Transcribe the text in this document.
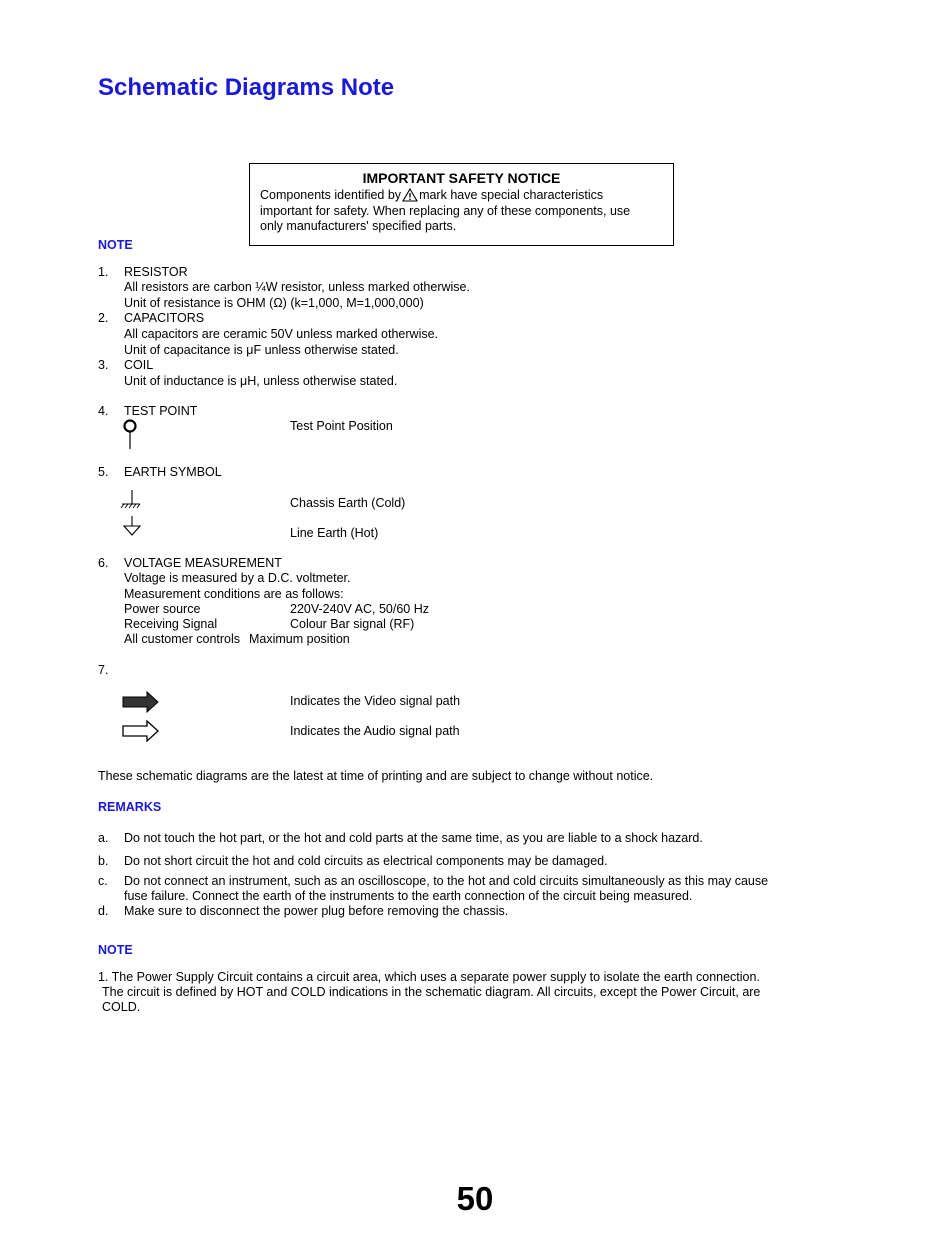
Schematic Diagrams Note
IMPORTANT SAFETY NOTICE
Components identified by mark have special characteristics
important for safety. When replacing any of these components, use
only manufacturers' specified parts.
NOTE
1. RESISTOR
All resistors are carbon ¼W resistor, unless marked otherwise.
Unit of resistance is OHM (Ω) (k=1,000, M=1,000,000)
2. CAPACITORS
All capacitors are ceramic 50V unless marked otherwise.
Unit of capacitance is μF unless otherwise stated.
3. COIL
Unit of inductance is μH, unless otherwise stated.
4. TEST POINT
Test Point Position
5. EARTH SYMBOL
Chassis Earth (Cold)
Line Earth (Hot)
6. VOLTAGE MEASUREMENT
Voltage is measured by a D.C. voltmeter.
Measurement conditions are as follows:
Power source	220V-240V AC, 50/60 Hz
Receiving Signal	Colour Bar signal (RF)
All customer controls Maximum position
7.
Indicates the Video signal path
Indicates the Audio signal path
These schematic diagrams are the latest at time of printing and are subject to change without notice.
REMARKS
a. Do not touch the hot part, or the hot and cold parts at the same time, as you are liable to a shock hazard.
b. Do not short circuit the hot and cold circuits as electrical components may be damaged.
c. Do not connect an instrument, such as an oscilloscope, to the hot and cold circuits simultaneously as this may cause
fuse failure. Connect the earth of the instruments to the earth connection of the circuit being measured.
d. Make sure to disconnect the power plug before removing the chassis.
NOTE
1. The Power Supply Circuit contains a circuit area, which uses a separate power supply to isolate the earth connection.
The circuit is defined by HOT and COLD indications in the schematic diagram. All circuits, except the Power Circuit, are
COLD.
50
